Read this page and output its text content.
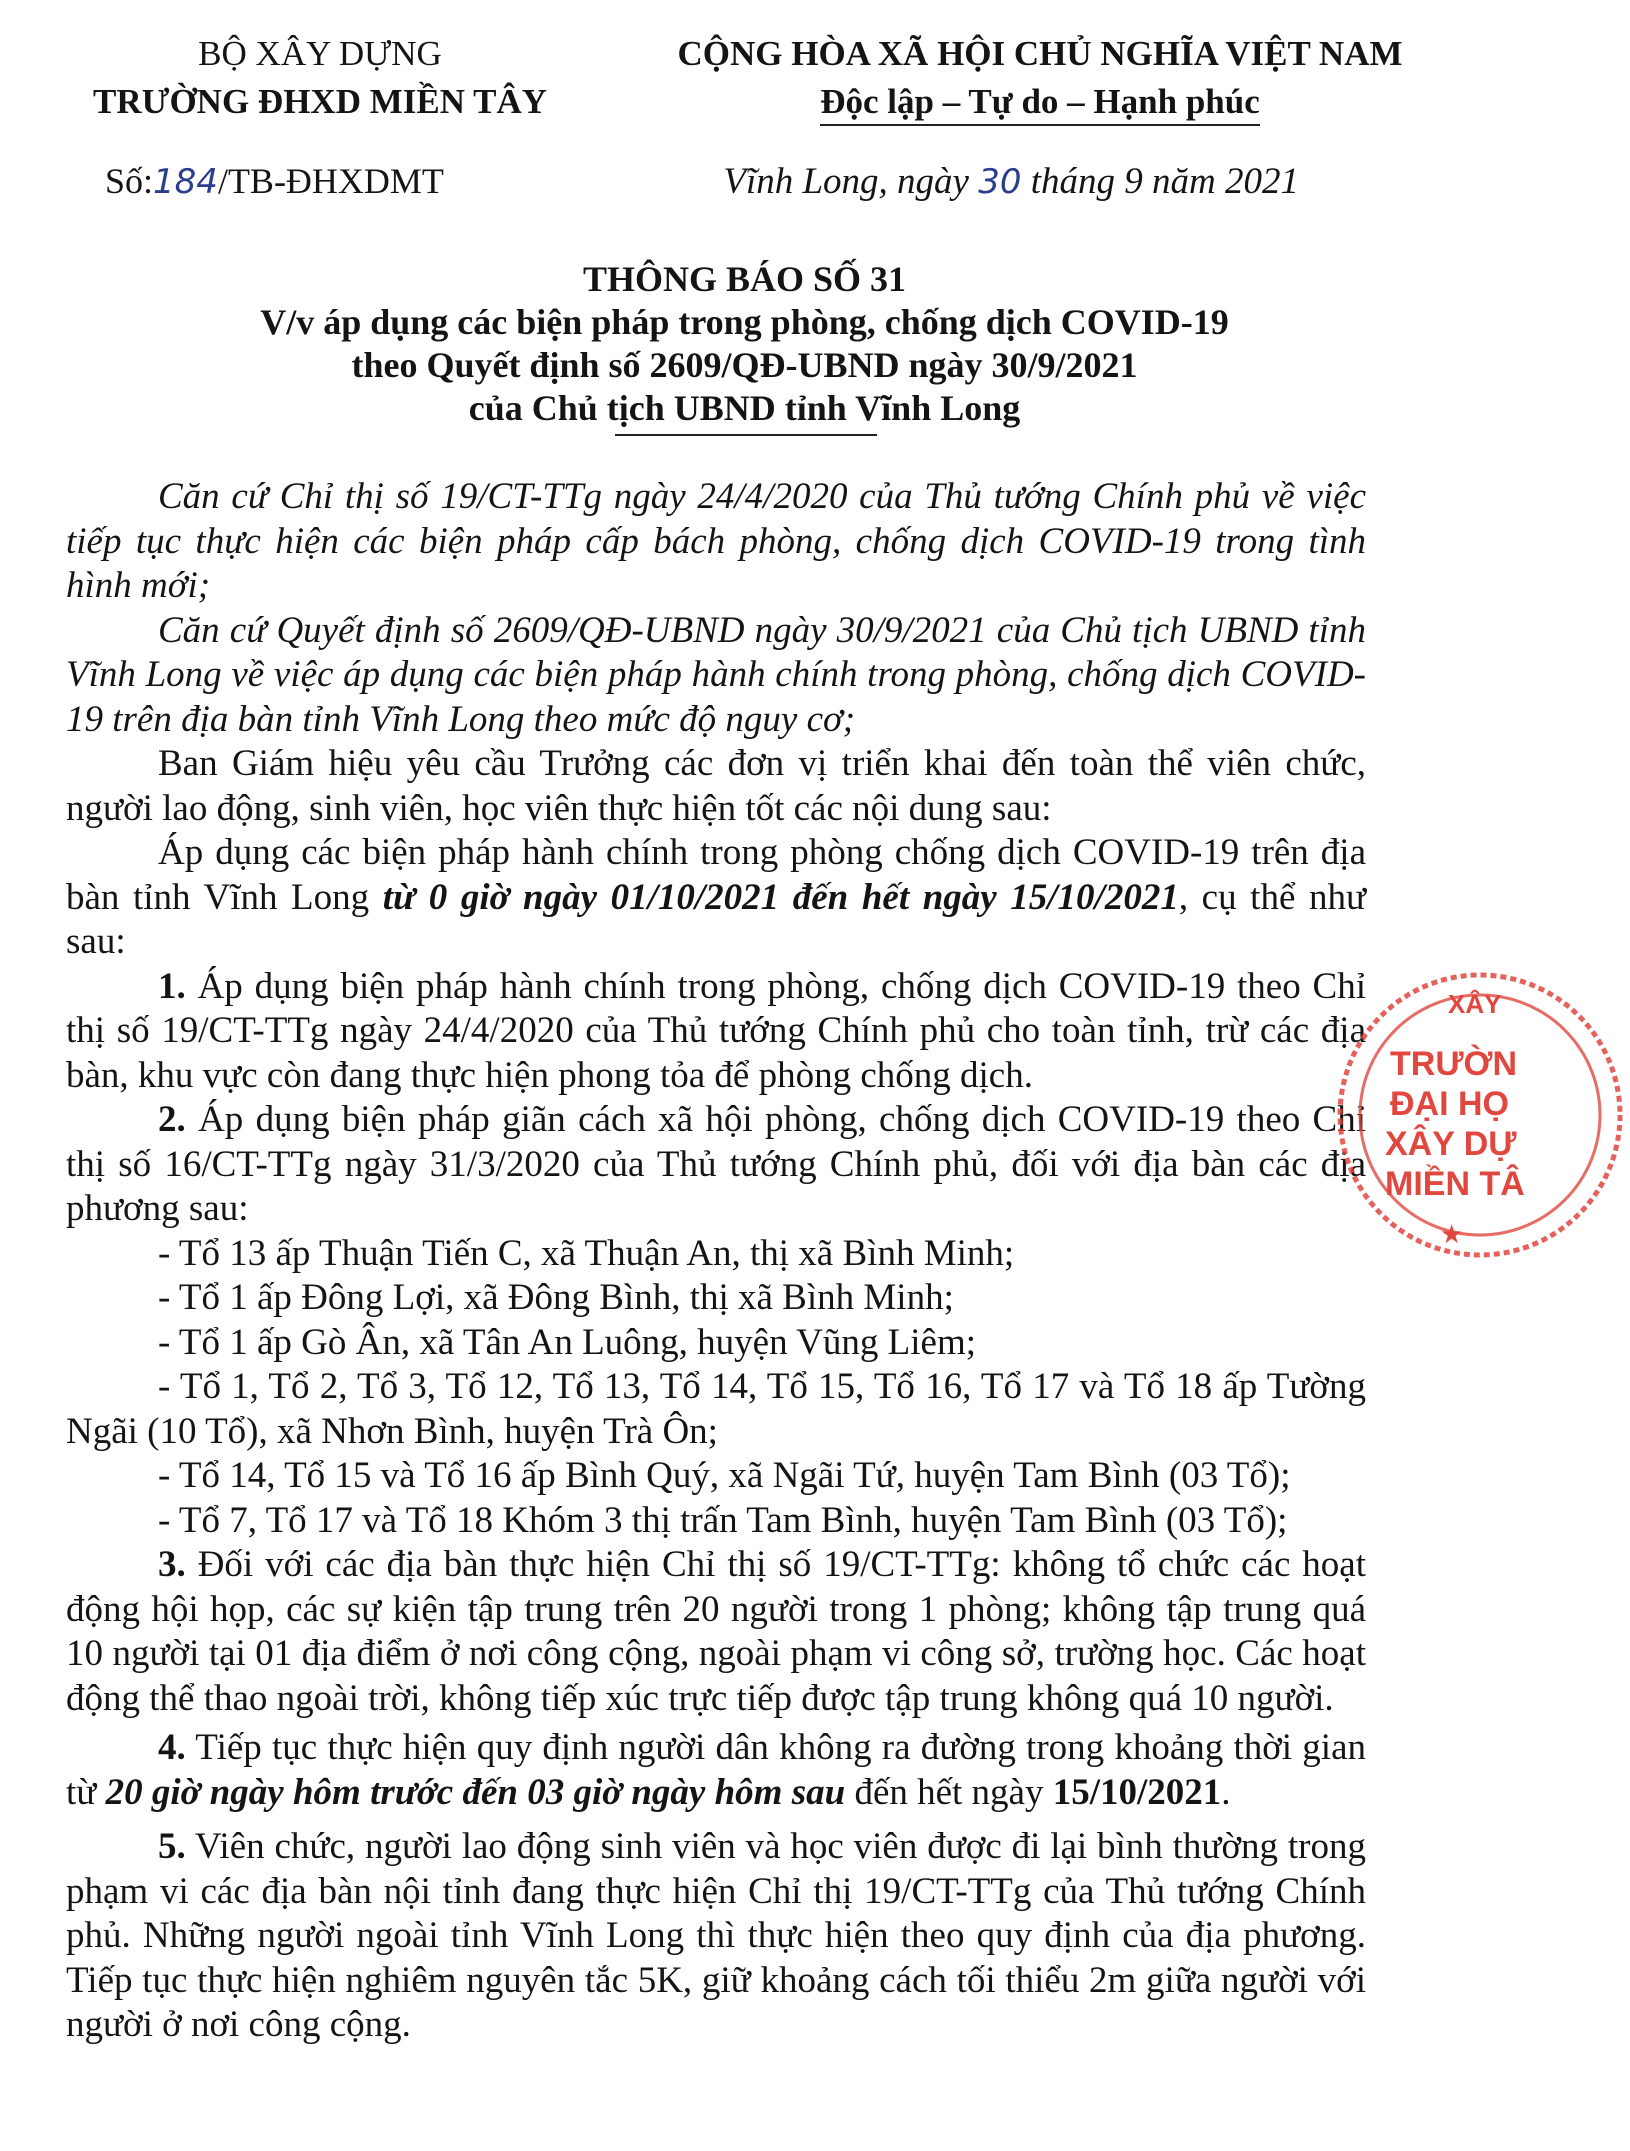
BỘ XÂY DỰNG
TRƯỜNG ĐHXD MIỀN TÂY
CỘNG HÒA XÃ HỘI CHỦ NGHĨA VIỆT NAM
Độc lập – Tự do – Hạnh phúc
Số:184/TB-ĐHXDMT	Vĩnh Long, ngày 30 tháng 9 năm 2021
THÔNG BÁO SỐ 31
V/v áp dụng các biện pháp trong phòng, chống dịch COVID-19
theo Quyết định số 2609/QĐ-UBND ngày 30/9/2021
của Chủ tịch UBND tỉnh Vĩnh Long

Căn cứ Chỉ thị số 19/CT-TTg ngày 24/4/2020 của Thủ tướng Chính phủ về việc tiếp tục thực hiện các biện pháp cấp bách phòng, chống dịch COVID-19 trong tình hình mới;

Căn cứ Quyết định số 2609/QĐ-UBND ngày 30/9/2021 của Chủ tịch UBND tỉnh Vĩnh Long về việc áp dụng các biện pháp hành chính trong phòng, chống dịch COVID-19 trên địa bàn tỉnh Vĩnh Long theo mức độ nguy cơ;

Ban Giám hiệu yêu cầu Trưởng các đơn vị triển khai đến toàn thể viên chức, người lao động, sinh viên, học viên thực hiện tốt các nội dung sau:

Áp dụng các biện pháp hành chính trong phòng chống dịch COVID-19 trên địa bàn tỉnh Vĩnh Long từ 0 giờ ngày 01/10/2021 đến hết ngày 15/10/2021, cụ thể như sau:

1. Áp dụng biện pháp hành chính trong phòng, chống dịch COVID-19 theo Chỉ thị số 19/CT-TTg ngày 24/4/2020 của Thủ tướng Chính phủ cho toàn tỉnh, trừ các địa bàn, khu vực còn đang thực hiện phong tỏa để phòng chống dịch.

2. Áp dụng biện pháp giãn cách xã hội phòng, chống dịch COVID-19 theo Chỉ thị số 16/CT-TTg ngày 31/3/2020 của Thủ tướng Chính phủ, đối với địa bàn các địa phương sau:

- Tổ 13 ấp Thuận Tiến C, xã Thuận An, thị xã Bình Minh;

- Tổ 1 ấp Đông Lợi, xã Đông Bình, thị xã Bình Minh;

- Tổ 1 ấp Gò Ân, xã Tân An Luông, huyện Vũng Liêm;

- Tổ 1, Tổ 2, Tổ 3, Tổ 12, Tổ 13, Tổ 14, Tổ 15, Tổ 16, Tổ 17 và Tổ 18 ấp Tường Ngãi (10 Tổ), xã Nhơn Bình, huyện Trà Ôn;

- Tổ 14, Tổ 15 và Tổ 16 ấp Bình Quý, xã Ngãi Tứ, huyện Tam Bình (03 Tổ);

- Tổ 7, Tổ 17 và Tổ 18 Khóm 3 thị trấn Tam Bình, huyện Tam Bình (03 Tổ);

3. Đối với các địa bàn thực hiện Chỉ thị số 19/CT-TTg: không tổ chức các hoạt động hội họp, các sự kiện tập trung trên 20 người trong 1 phòng; không tập trung quá 10 người tại 01 địa điểm ở nơi công cộng, ngoài phạm vi công sở, trường học. Các hoạt động thể thao ngoài trời, không tiếp xúc trực tiếp được tập trung không quá 10 người.

4. Tiếp tục thực hiện quy định người dân không ra đường trong khoảng thời gian từ 20 giờ ngày hôm trước đến 03 giờ ngày hôm sau đến hết ngày 15/10/2021.

5. Viên chức, người lao động sinh viên và học viên được đi lại bình thường trong phạm vi các địa bàn nội tỉnh đang thực hiện Chỉ thị 19/CT-TTg của Thủ tướng Chính phủ. Những người ngoài tỉnh Vĩnh Long thì thực hiện theo quy định của địa phương. Tiếp tục thực hiện nghiêm nguyên tắc 5K, giữ khoảng cách tối thiểu 2m giữa người với người ở nơi công cộng.

XÂY
TRƯỜN
ĐẠI HỌ
XÂY DỰ
MIỀN TÂ
★
